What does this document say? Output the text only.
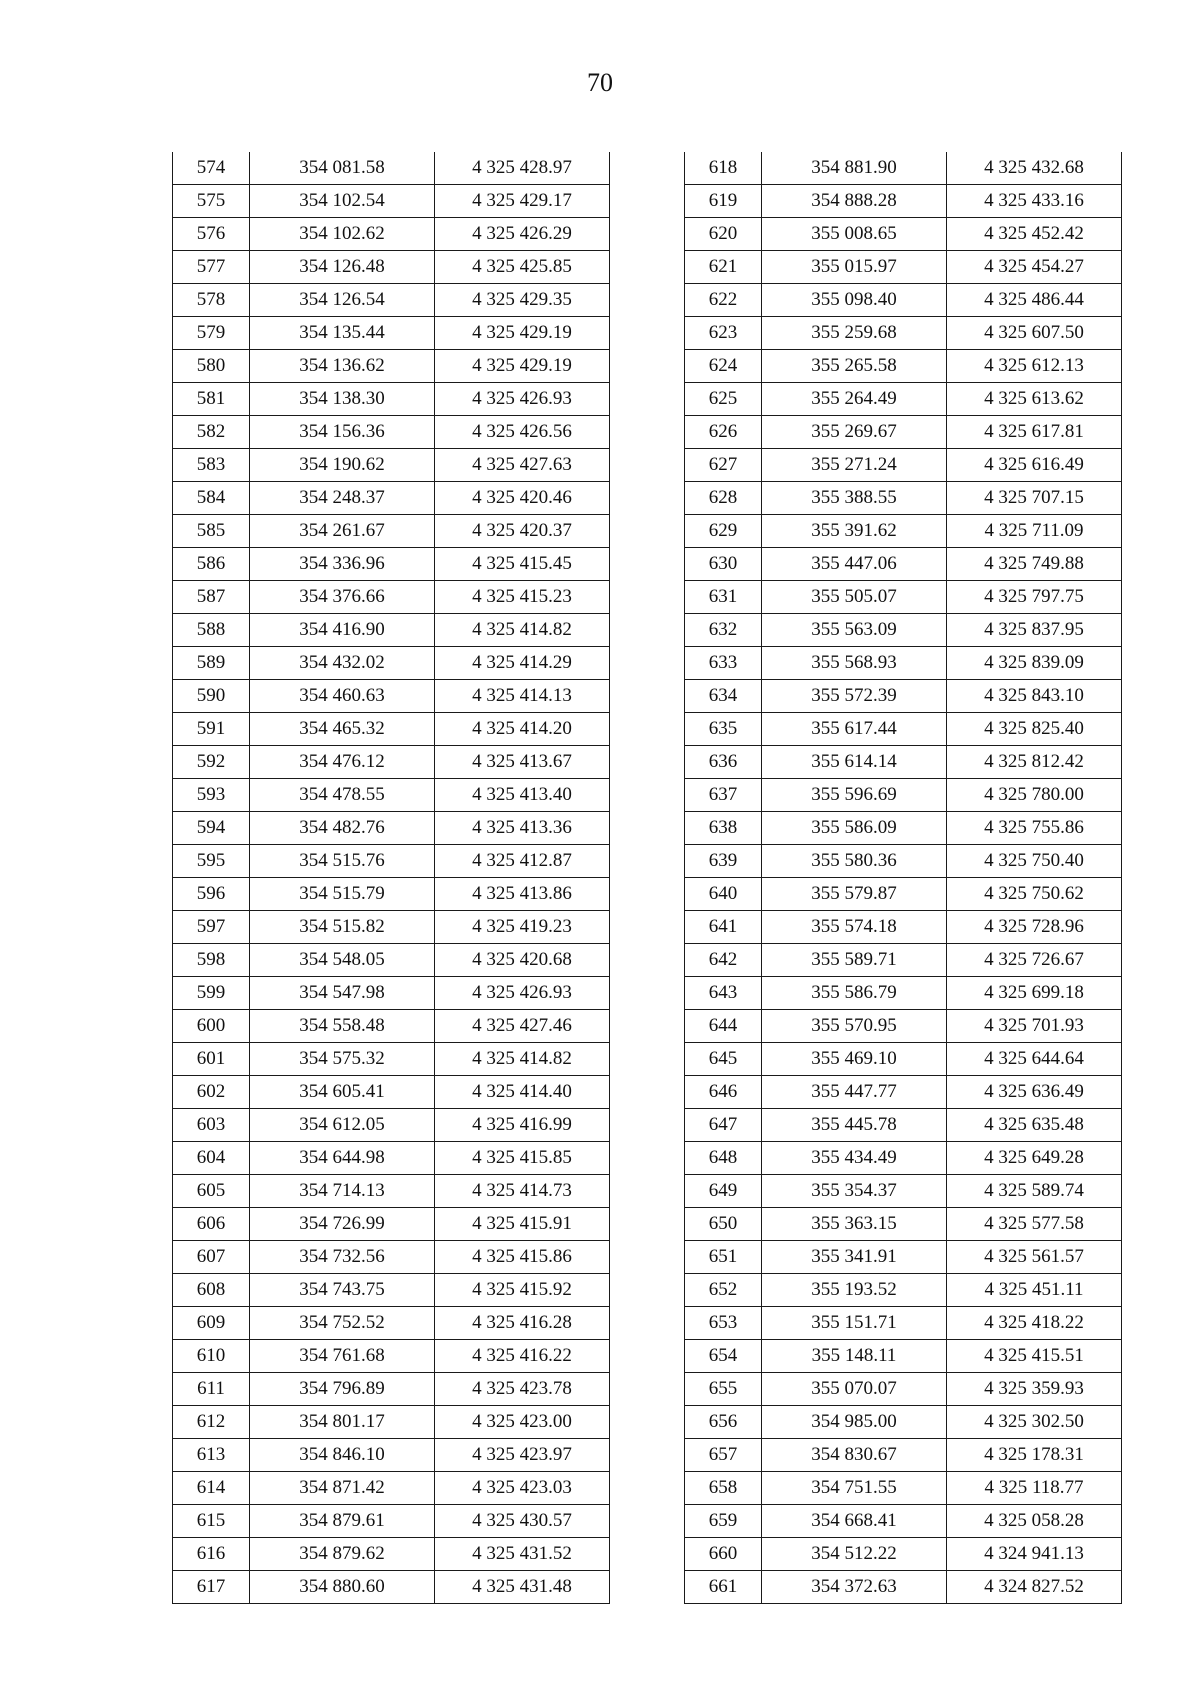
70
574	354 081.58	4 325 428.97
575	354 102.54	4 325 429.17
576	354 102.62	4 325 426.29
577	354 126.48	4 325 425.85
578	354 126.54	4 325 429.35
579	354 135.44	4 325 429.19
580	354 136.62	4 325 429.19
581	354 138.30	4 325 426.93
582	354 156.36	4 325 426.56
583	354 190.62	4 325 427.63
584	354 248.37	4 325 420.46
585	354 261.67	4 325 420.37
586	354 336.96	4 325 415.45
587	354 376.66	4 325 415.23
588	354 416.90	4 325 414.82
589	354 432.02	4 325 414.29
590	354 460.63	4 325 414.13
591	354 465.32	4 325 414.20
592	354 476.12	4 325 413.67
593	354 478.55	4 325 413.40
594	354 482.76	4 325 413.36
595	354 515.76	4 325 412.87
596	354 515.79	4 325 413.86
597	354 515.82	4 325 419.23
598	354 548.05	4 325 420.68
599	354 547.98	4 325 426.93
600	354 558.48	4 325 427.46
601	354 575.32	4 325 414.82
602	354 605.41	4 325 414.40
603	354 612.05	4 325 416.99
604	354 644.98	4 325 415.85
605	354 714.13	4 325 414.73
606	354 726.99	4 325 415.91
607	354 732.56	4 325 415.86
608	354 743.75	4 325 415.92
609	354 752.52	4 325 416.28
610	354 761.68	4 325 416.22
611	354 796.89	4 325 423.78
612	354 801.17	4 325 423.00
613	354 846.10	4 325 423.97
614	354 871.42	4 325 423.03
615	354 879.61	4 325 430.57
616	354 879.62	4 325 431.52
617	354 880.60	4 325 431.48
618	354 881.90	4 325 432.68
619	354 888.28	4 325 433.16
620	355 008.65	4 325 452.42
621	355 015.97	4 325 454.27
622	355 098.40	4 325 486.44
623	355 259.68	4 325 607.50
624	355 265.58	4 325 612.13
625	355 264.49	4 325 613.62
626	355 269.67	4 325 617.81
627	355 271.24	4 325 616.49
628	355 388.55	4 325 707.15
629	355 391.62	4 325 711.09
630	355 447.06	4 325 749.88
631	355 505.07	4 325 797.75
632	355 563.09	4 325 837.95
633	355 568.93	4 325 839.09
634	355 572.39	4 325 843.10
635	355 617.44	4 325 825.40
636	355 614.14	4 325 812.42
637	355 596.69	4 325 780.00
638	355 586.09	4 325 755.86
639	355 580.36	4 325 750.40
640	355 579.87	4 325 750.62
641	355 574.18	4 325 728.96
642	355 589.71	4 325 726.67
643	355 586.79	4 325 699.18
644	355 570.95	4 325 701.93
645	355 469.10	4 325 644.64
646	355 447.77	4 325 636.49
647	355 445.78	4 325 635.48
648	355 434.49	4 325 649.28
649	355 354.37	4 325 589.74
650	355 363.15	4 325 577.58
651	355 341.91	4 325 561.57
652	355 193.52	4 325 451.11
653	355 151.71	4 325 418.22
654	355 148.11	4 325 415.51
655	355 070.07	4 325 359.93
656	354 985.00	4 325 302.50
657	354 830.67	4 325 178.31
658	354 751.55	4 325 118.77
659	354 668.41	4 325 058.28
660	354 512.22	4 324 941.13
661	354 372.63	4 324 827.52
